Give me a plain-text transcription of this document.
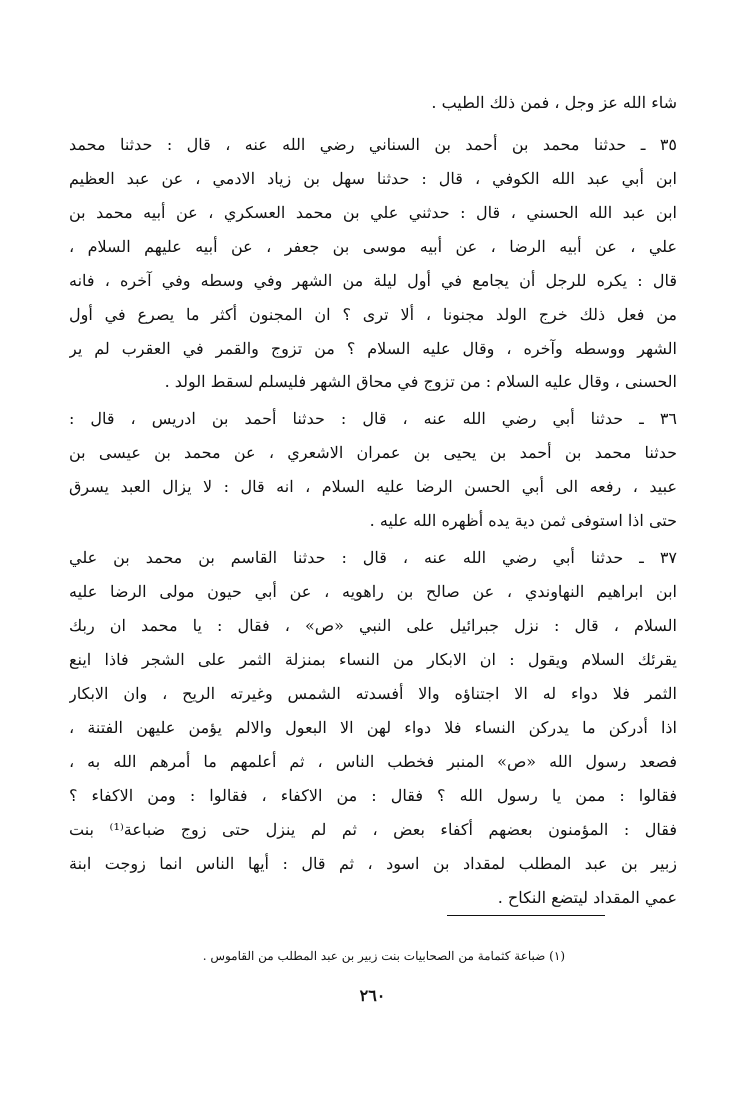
شاء الله عز وجل ، فمن ذلك الطيب .
٣٥ ـ حدثنا محمد بن أحمد بن السناني رضي الله عنه ، قال : حدثنا محمد
ابن أبي عبد الله الكوفي ، قال : حدثنا سهل بن زياد الادمي ، عن عبد العظيم
ابن عبد الله الحسني ، قال : حدثني علي بن محمد العسكري ، عن أبيه محمد بن
علي ، عن أبيه الرضا ، عن أبيه موسى بن جعفر ، عن أبيه عليهم السلام ،
قال : يكره للرجل أن يجامع في أول ليلة من الشهر وفي وسطه وفي آخره ، فانه
من فعل ذلك خرج الولد مجنونا ، ألا ترى ؟ ان المجنون أكثر ما يصرع في أول
الشهر ووسطه وآخره ، وقال عليه السلام ؟ من تزوج والقمر في العقرب لم ير
الحسنى ، وقال عليه السلام : من تزوج في محاق الشهر فليسلم لسقط الولد .
٣٦ ـ حدثنا أبي رضي الله عنه ، قال : حدثنا أحمد بن ادريس ، قال :
حدثنا محمد بن أحمد بن يحيى بن عمران الاشعري ، عن محمد بن عيسى بن
عبيد ، رفعه الى أبي الحسن الرضا عليه السلام ، انه قال : لا يزال العبد يسرق
حتى اذا استوفى ثمن دية يده أظهره الله عليه .
٣٧ ـ حدثنا أبي رضي الله عنه ، قال : حدثنا القاسم بن محمد بن علي
ابن ابراهيم النهاوندي ، عن صالح بن راهويه ، عن أبي حيون مولى الرضا عليه
السلام ، قال : نزل جبرائيل على النبي «ص» ، فقال : يا محمد ان ربك
يقرئك السلام ويقول : ان الابكار من النساء بمنزلة الثمر على الشجر فاذا اينع
الثمر فلا دواء له الا اجتناؤه والا أفسدته الشمس وغيرته الريح ، وان الابكار
اذا أدركن ما يدركن النساء فلا دواء لهن الا البعول والالم يؤمن عليهن الفتنة ،
فصعد رسول الله «ص» المنبر فخطب الناس ، ثم أعلمهم ما أمرهم الله به ،
فقالوا : ممن يا رسول الله ؟ فقال : من الاكفاء ، فقالوا : ومن الاكفاء ؟
فقال : المؤمنون بعضهم أكفاء بعض ، ثم لم ينزل حتى زوج ضباعة⁽¹⁾ بنت
زبير بن عبد المطلب لمقداد بن اسود ، ثم قال : أيها الناس انما زوجت ابنة
عمي المقداد ليتضع النكاح .
(١) ضباعة كثمامة من الصحابيات بنت زبير بن عبد المطلب من القاموس .
٢٦٠
